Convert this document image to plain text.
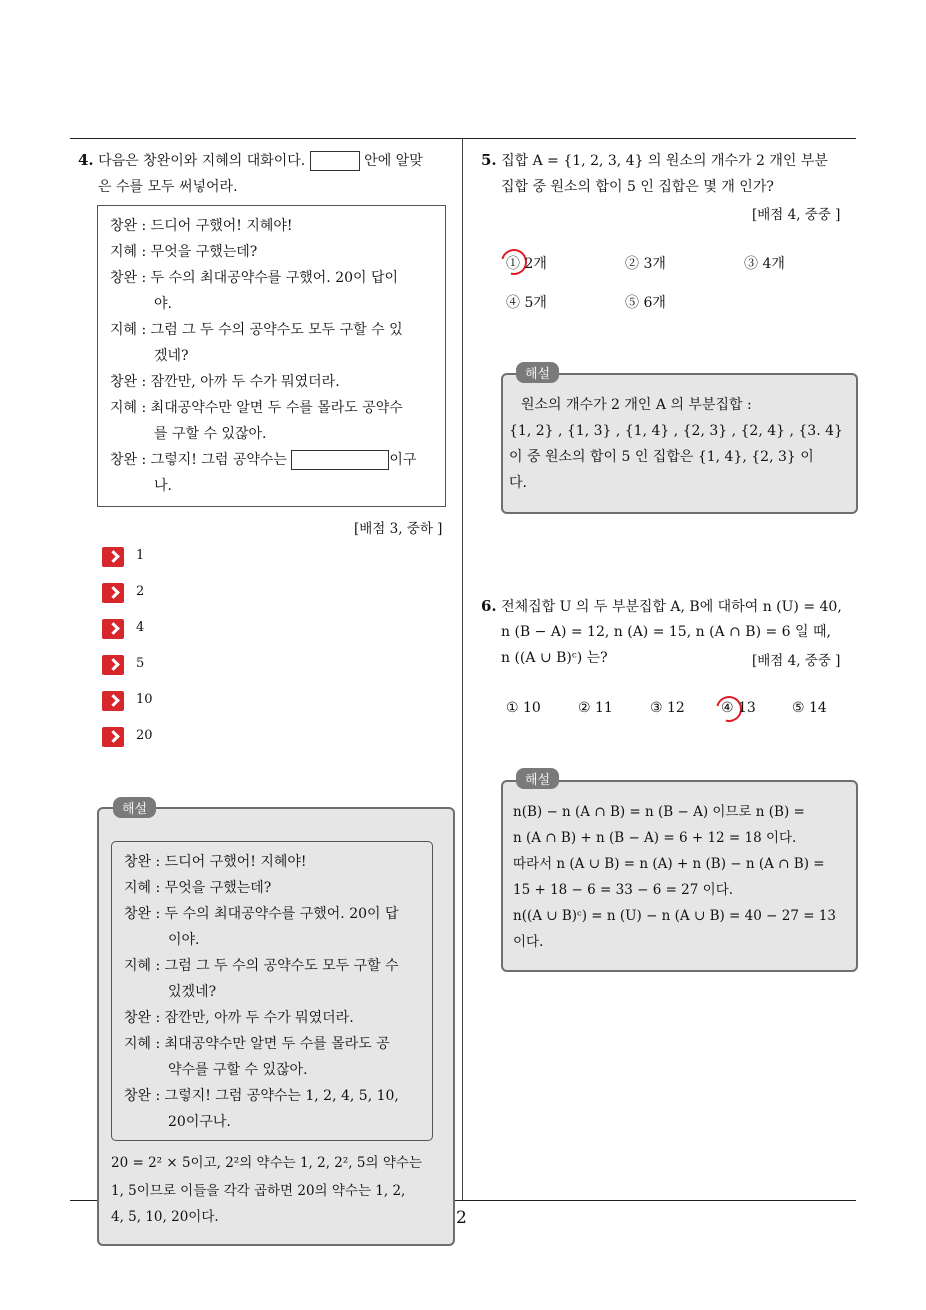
4. 다음은 창완이와 지혜의 대화이다.	안에 알맞
은 수를 모두 써넣어라.
창완 : 드디어 구했어! 지혜야!
지혜 : 무엇을 구했는데?
창완 : 두 수의 최대공약수를 구했어. 20이 답이
야.
지혜 : 그럼 그 두 수의 공약수도 모두 구할 수 있
겠네?
창완 : 잠깐만, 아까 두 수가 뭐였더라.
지혜 : 최대공약수만 알면 두 수를 몰라도 공약수
를 구할 수 있잖아.
창완 : 그렇지! 그럼 공약수는	이구
나.
[배점 3, 중하 ]
1
2
4
5
10
20
창완 : 드디어 구했어! 지혜야!
지혜 : 무엇을 구했는데?
창완 : 두 수의 최대공약수를 구했어. 20이 답
이야.
지혜 : 그럼 그 두 수의 공약수도 모두 구할 수
있겠네?
창완 : 잠깐만, 아까 두 수가 뭐였더라.
지혜 : 최대공약수만 알면 두 수를 몰라도 공
약수를 구할 수 있잖아.
창완 : 그렇지! 그럼 공약수는 1, 2, 4, 5, 10,
20이구나.
20 = 2² × 5이고, 2²의 약수는 1, 2, 2², 5의 약수는
1, 5이므로 이들을 각각 곱하면 20의 약수는 1, 2,
4, 5, 10, 20이다.
해설
2
5. 집합 A = {1, 2, 3, 4} 의 원소의 개수가 2 개인 부분
집합 중 원소의 합이 5 인 집합은 몇 개 인가?
[배점 4, 중중 ]
① 2개	② 3개	③ 4개
④ 5개	⑤ 6개
원소의 개수가 2 개인 A 의 부분집합 :
{1, 2} , {1, 3} , {1, 4} , {2, 3} , {2, 4} , {3. 4}
이 중 원소의 합이 5 인 집합은 {1, 4}, {2, 3} 이
다.
해설
6. 전체집합 U 의 두 부분집합 A, B에 대하여 n (U) = 40,
n (B − A) = 12, n (A) = 15, n (A ∩ B) = 6 일 때,
n ((A ∪ B)ᶜ) 는?	[배점 4, 중중 ]
① 10	② 11	③ 12	④ 13	⑤ 14
n(B) − n (A ∩ B) = n (B − A) 이므로 n (B) =
n (A ∩ B) + n (B − A) = 6 + 12 = 18 이다.
따라서 n (A ∪ B) = n (A) + n (B) − n (A ∩ B) =
15 + 18 − 6 = 33 − 6 = 27 이다.
n((A ∪ B)ᶜ) = n (U) − n (A ∪ B) = 40 − 27 = 13
이다.
해설
